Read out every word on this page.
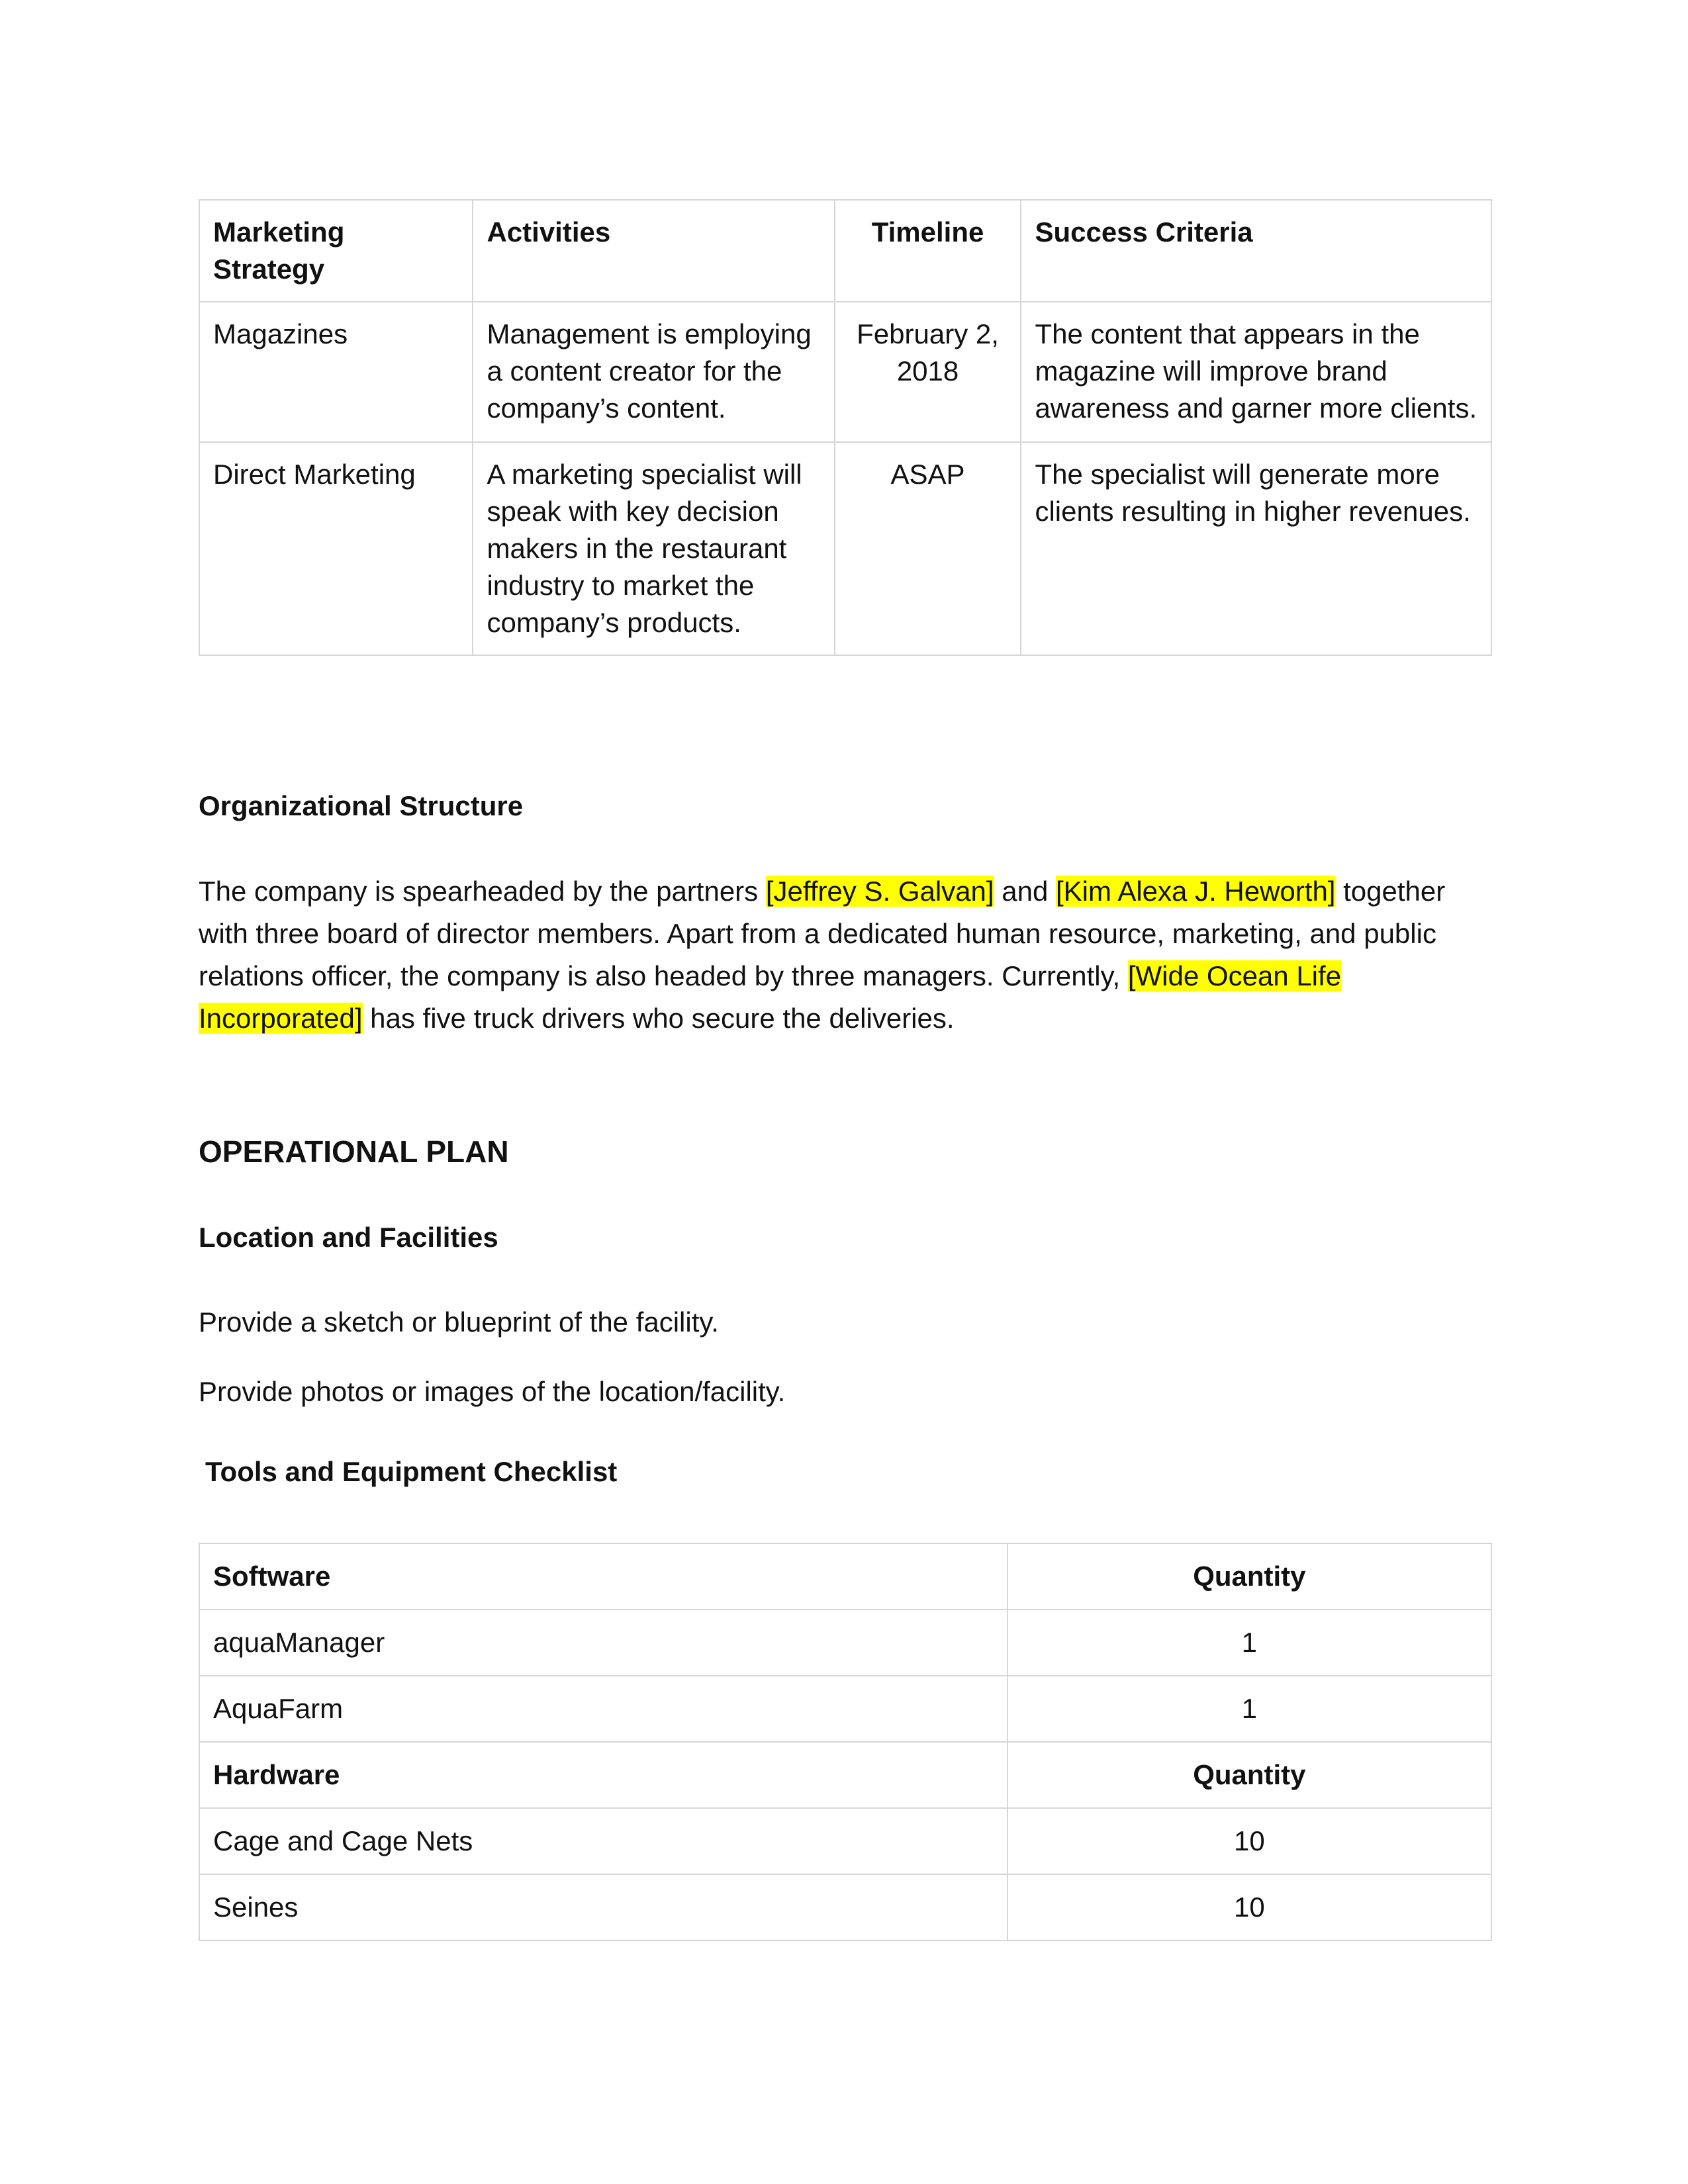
Marketing Strategy	Activities	Timeline	Success Criteria
Magazines	Management is employing a content creator for the company’s content.	February 2, 2018	The content that appears in the magazine will improve brand awareness and garner more clients.
Direct Marketing	A marketing specialist will speak with key decision makers in the restaurant industry to market the company’s products.	ASAP	The specialist will generate more clients resulting in higher revenues.
Organizational Structure
The company is spearheaded by the partners [Jeffrey S. Galvan] and [Kim Alexa J. Heworth] together with three board of director members. Apart from a dedicated human resource, marketing, and public relations officer, the company is also headed by three managers. Currently, [Wide Ocean Life Incorporated] has five truck drivers who secure the deliveries.
OPERATIONAL PLAN
Location and Facilities
Provide a sketch or blueprint of the facility.
Provide photos or images of the location/facility.
Tools and Equipment Checklist
Software	Quantity
aquaManager	1
AquaFarm	1
Hardware	Quantity
Cage and Cage Nets	10
Seines	10
